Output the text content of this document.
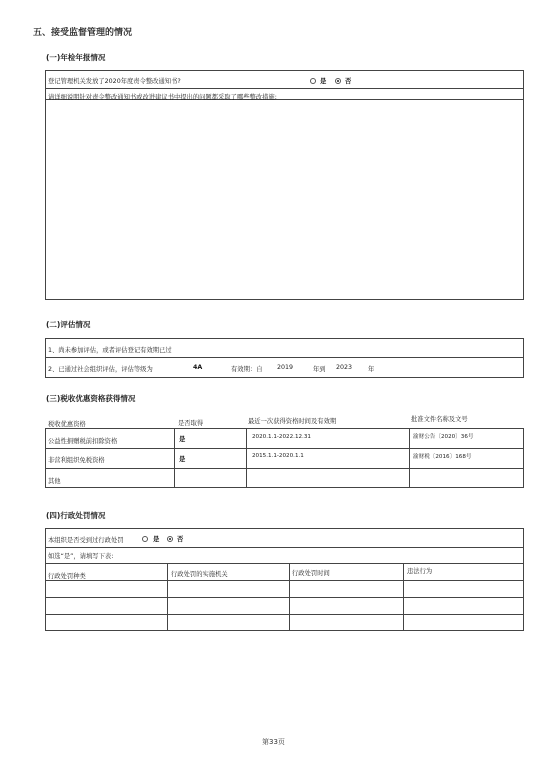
五、接受监督管理的情况
(一)年检年报情况
登记管理机关发放了2020年度责令整改通知书?	是	否
请详细说明针对责令整改通知书或改进建议书中提出的问题都采取了哪些整改措施:
(二)评估情况
1、尚未参加评估，或者评估登记有效期已过
2、已通过社会组织评估，评估等级为	4A	有效期：自 2019	年到 2023	年
(三)税收优惠资格获得情况
税收优惠资格	是否取得	最近一次获得资格时间及有效期	批准文件名称及文号
公益性捐赠税前扣除资格	是	2020.1.1-2022.12.31	渝财公告〔2020〕36号
非营利组织免税资格	是	2015.1.1-2020.1.1	渝财税〔2016〕168号
其他
(四)行政处罚情况
本组织是否受到过行政处罚	是	否
如选“是”，请填写下表:
行政处罚种类	行政处罚的实施机关	行政处罚时间	违法行为
第33页
